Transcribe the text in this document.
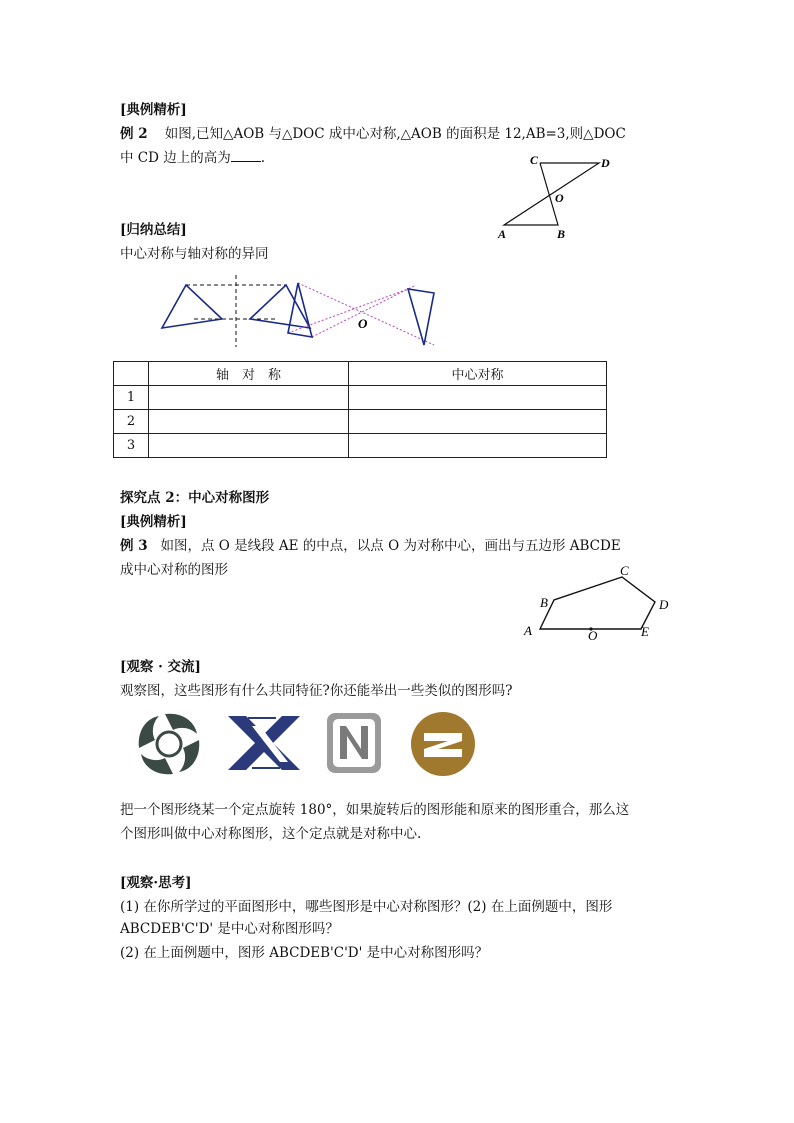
[典例精析]
例 2 如图,已知△AOB 与△DOC 成中心对称,△AOB 的面积是 12,AB=3,则△DOC
中 CD 边上的高为 .	C	D
O
A	B
[归纳总结]
中心对称与轴对称的异同
O
	轴　对　称	中心对称
1		
2		
3		
探究点 2：中心对称图形
[典例精析]
例 3 如图，点 O 是线段 AE 的中点，以点 O 为对称中心，画出与五边形 ABCDE
成中心对称的图形
A
B
C
D
E
O
[观察 · 交流]
观察图，这些图形有什么共同特征?你还能举出一些类似的图形吗?
把一个图形绕某一个定点旋转 180°，如果旋转后的图形能和原来的图形重合，那么这
个图形叫做中心对称图形，这个定点就是对称中心.
[观察·思考]
(1) 在你所学过的平面图形中，哪些图形是中心对称图形？(2) 在上面例题中，图形
ABCDEB'C'D' 是中心对称图形吗？
(2) 在上面例题中，图形 ABCDEB'C'D' 是中心对称图形吗？
